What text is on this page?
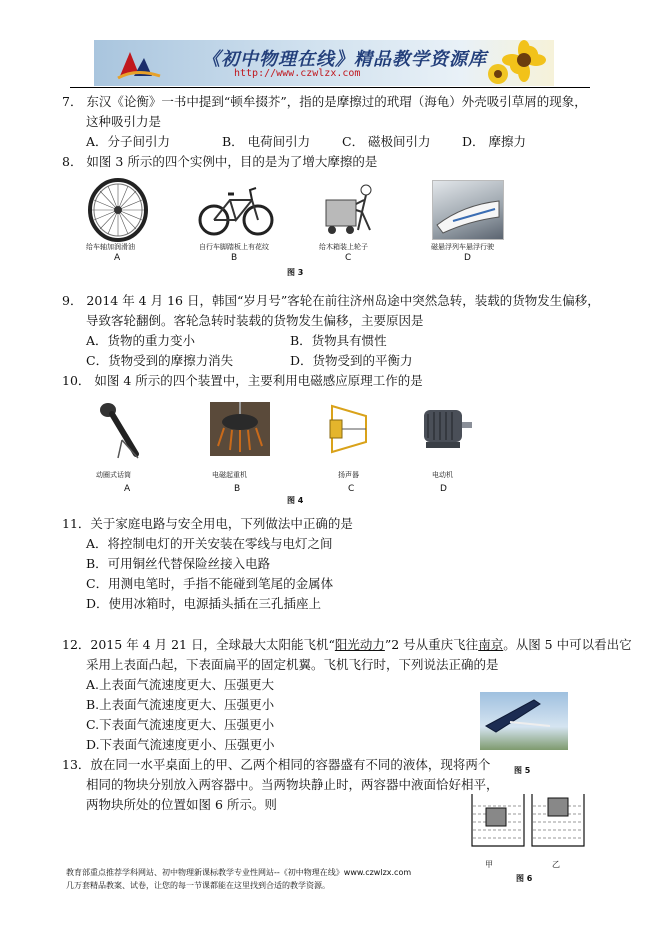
《初中物理在线》精品教学资源库
http://www.czwlzx.com
7． 东汉《论衡》一书中提到“顿牟掇芥”，指的是摩擦过的玳瑁（海龟）外壳吸引草屑的现象，
这种吸引力是
A．分子间引力	B． 电荷间引力	C． 磁极间引力	D． 摩擦力
8． 如图 3 所示的四个实例中，目的是为了增大摩擦的是
给车轴加润滑油	自行车脚踏板上有花纹	给木箱装上轮子	磁悬浮列车悬浮行驶
A	B	C	D
图 3
9． 2014 年 4 月 16 日，韩国“岁月号”客轮在前往济州岛途中突然急转，装载的货物发生偏移，
导致客轮翻倒。客轮急转时装载的货物发生偏移，主要原因是
A．货物的重力变小	B．货物具有惯性
C．货物受到的摩擦力消失	D．货物受到的平衡力
10． 如图 4 所示的四个装置中，主要利用电磁感应原理工作的是
动圈式话筒	电磁起重机	扬声器	电动机
A	B	C	D
图 4
11．关于家庭电路与安全用电，下列做法中正确的是
A．将控制电灯的开关安装在零线与电灯之间
B．可用铜丝代替保险丝接入电路
C．用测电笔时，手指不能碰到笔尾的金属体
D．使用冰箱时，电源插头插在三孔插座上
12．2015 年 4 月 21 日，全球最大太阳能飞机“阳光动力”2 号从重庆飞往南京。从图 5 中可以看出它
采用上表面凸起，下表面扁平的固定机翼。飞机飞行时，下列说法正确的是
A.上表面气流速度更大、压强更大
B.上表面气流速度更大、压强更小
C.下表面气流速度更大、压强更小
D.下表面气流速度更小、压强更小
图 5
13．放在同一水平桌面上的甲、乙两个相同的容器盛有不同的液体，现将两个
相同的物块分别放入两容器中。当两物块静止时，两容器中液面恰好相平，
两物块所处的位置如图 6 所示。则
甲	乙
图 6
教育部重点推荐学科网站、初中物理新课标教学专业性网站--《初中物理在线》www.czwlzx.com
几万套精品教案、试卷，让您的每一节课都能在这里找到合适的教学资源。
